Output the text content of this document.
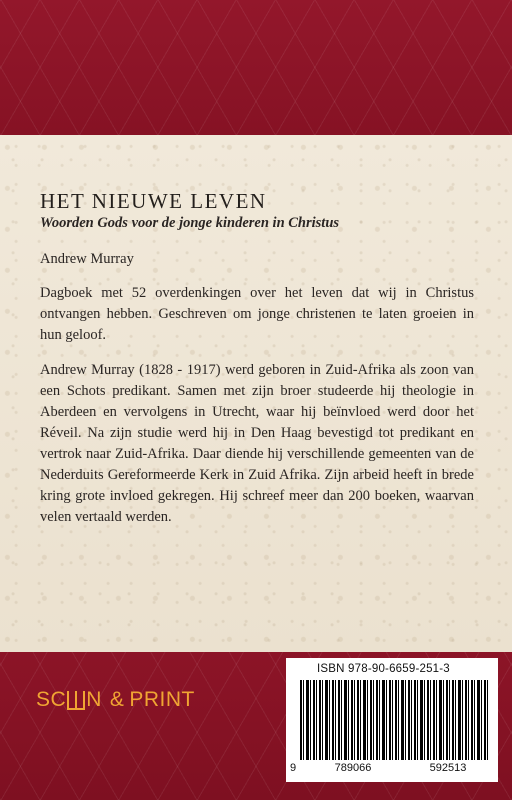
HET NIEUWE LEVEN

Woorden Gods voor de jonge kinderen in Christus

Andrew Murray

Dagboek met 52 overdenkingen over het leven dat wij in Christus ontvangen hebben. Geschreven om jonge christenen te laten groeien in hun geloof.

Andrew Murray (1828 - 1917) werd geboren in Zuid-Afrika als zoon van een Schots predikant. Samen met zijn broer studeerde hij theologie in Aberdeen en vervolgens in Utrecht, waar hij beïnvloed werd door het Réveil. Na zijn studie werd hij in Den Haag bevestigd tot predikant en vertrok naar Zuid-Afrika. Daar diende hij verschillende gemeenten van de Nederduits Gereformeerde Kerk in Zuid Afrika. Zijn arbeid heeft in brede kring grote invloed gekregen. Hij schreef meer dan 200 boeken, waarvan velen vertaald werden.

SC N & PRINT
ISBN 978-90-6659-251-3
9	789066	592513
